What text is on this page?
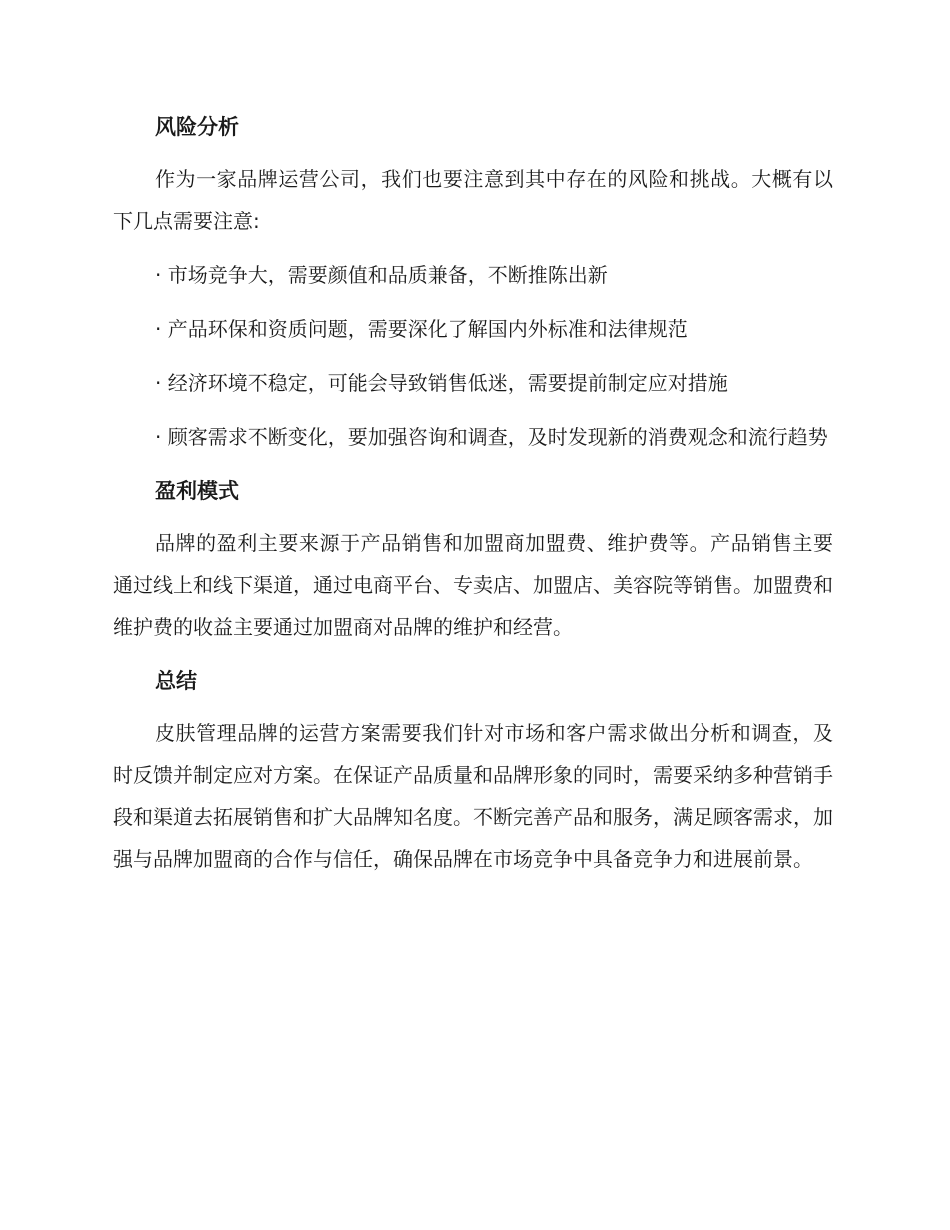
风险分析

作为一家品牌运营公司，我们也要注意到其中存在的风险和挑战。大概有以下几点需要注意:

· 市场竞争大，需要颜值和品质兼备，不断推陈出新

· 产品环保和资质问题，需要深化了解国内外标准和法律规范

· 经济环境不稳定，可能会导致销售低迷，需要提前制定应对措施

· 顾客需求不断变化，要加强咨询和调查，及时发现新的消费观念和流行趋势

盈利模式

品牌的盈利主要来源于产品销售和加盟商加盟费、维护费等。产品销售主要通过线上和线下渠道，通过电商平台、专卖店、加盟店、美容院等销售。加盟费和维护费的收益主要通过加盟商对品牌的维护和经营。

总结

皮肤管理品牌的运营方案需要我们针对市场和客户需求做出分析和调查，及时反馈并制定应对方案。在保证产品质量和品牌形象的同时，需要采纳多种营销手段和渠道去拓展销售和扩大品牌知名度。不断完善产品和服务，满足顾客需求，加强与品牌加盟商的合作与信任，确保品牌在市场竞争中具备竞争力和进展前景。
